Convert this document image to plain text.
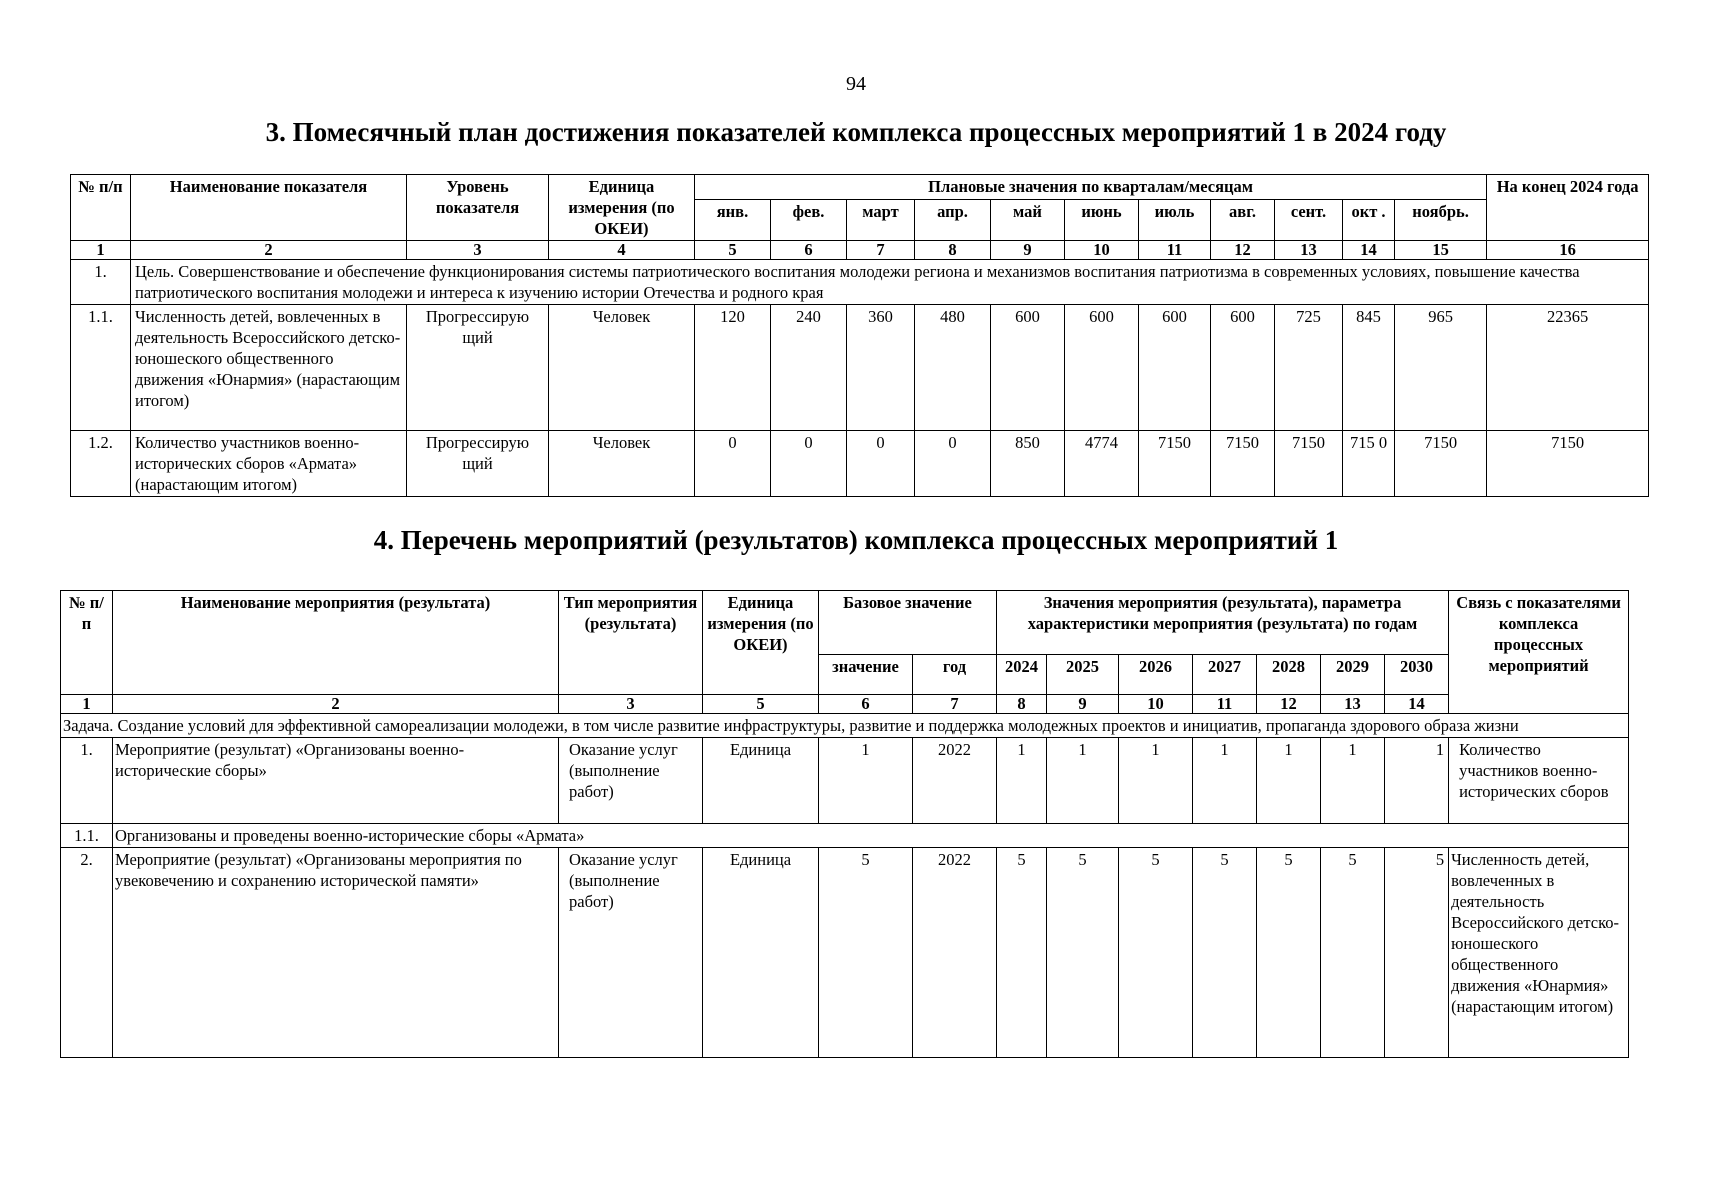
94
3. Помесячный план достижения показателей комплекса процессных мероприятий 1 в 2024 году
№ п/п	Наименование показателя	Уровень показателя	Единица измерения (по ОКЕИ)	Плановые значения по кварталам/месяцам											На конец 2024 года
				янв.	фев.	март	апр.	май	июнь	июль	авг.	сент.	окт .	ноябрь.	
1	2	3	4	5	6	7	8	9	10	11	12	13	14	15	16
1.	Цель. Совершенствование и обеспечение функционирования системы патриотического воспитания молодежи региона и механизмов воспитания патриотизма в современных условиях, повышение качества патриотического воспитания молодежи и интереса к изучению истории Отечества и родного края														
1.1.	Численность детей, вовлеченных в деятельность Всероссийского детско-юношеского общественного движения «Юнармия» (нарастающим итогом)	Прогрессирую щий	Человек	120	240	360	480	600	600	600	600	725	845	965	22365
1.2.	Количество участников военно-исторических сборов «Армата» (нарастающим итогом)	Прогрессирую щий	Человек	0	0	0	0	850	4774	7150	7150	7150	715 0	7150	7150
4. Перечень мероприятий (результатов) комплекса процессных мероприятий 1
№ п/п	Наименование мероприятия (результата)	Тип мероприятия (результата)	Единица измерения (по ОКЕИ)	Базовое значение		Значения мероприятия (результата), параметра характеристики мероприятия (результата) по годам							Связь с показателями комплекса процессных мероприятий
				значение	год	2024	2025	2026	2027	2028	2029	2030	
1	2	3	5	6	7	8	9	10	11	12	13	14	
Задача. Создание условий для эффективной самореализации молодежи, в том числе развитие инфраструктуры, развитие и поддержка молодежных проектов и инициатив, пропаганда здорового образа жизни													
1.	Мероприятие (результат) «Организованы военно-исторические сборы»	Оказание услуг (выполнение работ)	Единица	1	2022	1	1	1	1	1	1	1	Количество участников военно-исторических сборов
1.1.	Организованы и проведены военно-исторические сборы «Армата»												
2.	Мероприятие (результат) «Организованы мероприятия по увековечению и сохранению исторической памяти»	Оказание услуг (выполнение работ)	Единица	5	2022	5	5	5	5	5	5	5	Численность детей, вовлеченных в деятельность Всероссийского детско-юношеского общественного движения «Юнармия» (нарастающим итогом)
